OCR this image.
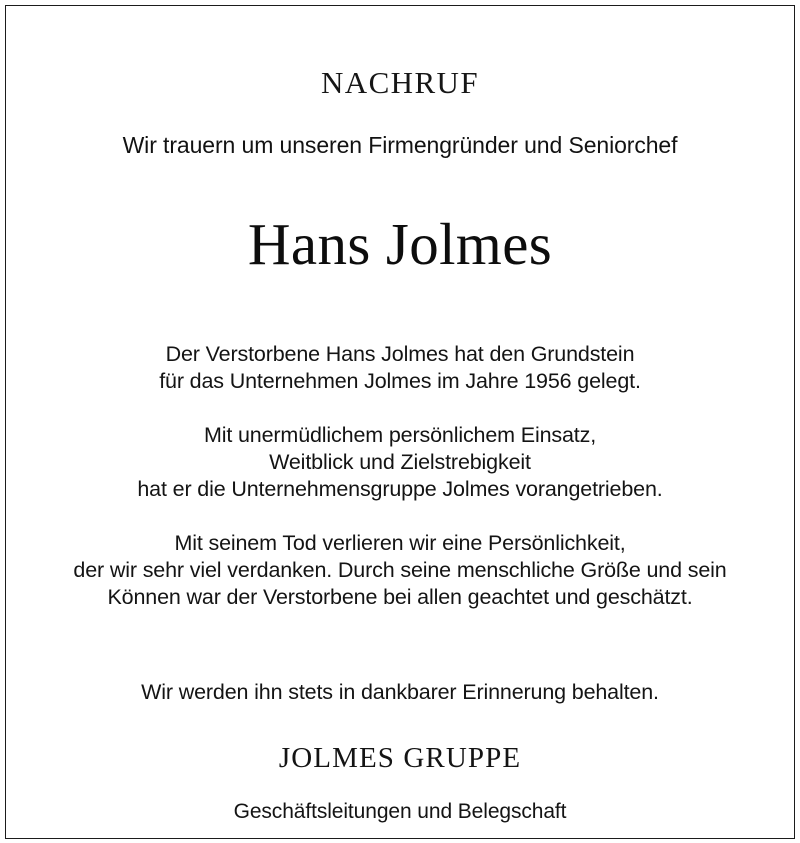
NACHRUF
Wir trauern um unseren Firmengründer und Seniorchef
Hans Jolmes
Der Verstorbene Hans Jolmes hat den Grundstein
für das Unternehmen Jolmes im Jahre 1956 gelegt.
Mit unermüdlichem persönlichem Einsatz,
Weitblick und Zielstrebigkeit
hat er die Unternehmensgruppe Jolmes vorangetrieben.
Mit seinem Tod verlieren wir eine Persönlichkeit,
der wir sehr viel verdanken. Durch seine menschliche Größe und sein
Können war der Verstorbene bei allen geachtet und geschätzt.
Wir werden ihn stets in dankbarer Erinnerung behalten.
JOLMES GRUPPE
Geschäftsleitungen und Belegschaft
